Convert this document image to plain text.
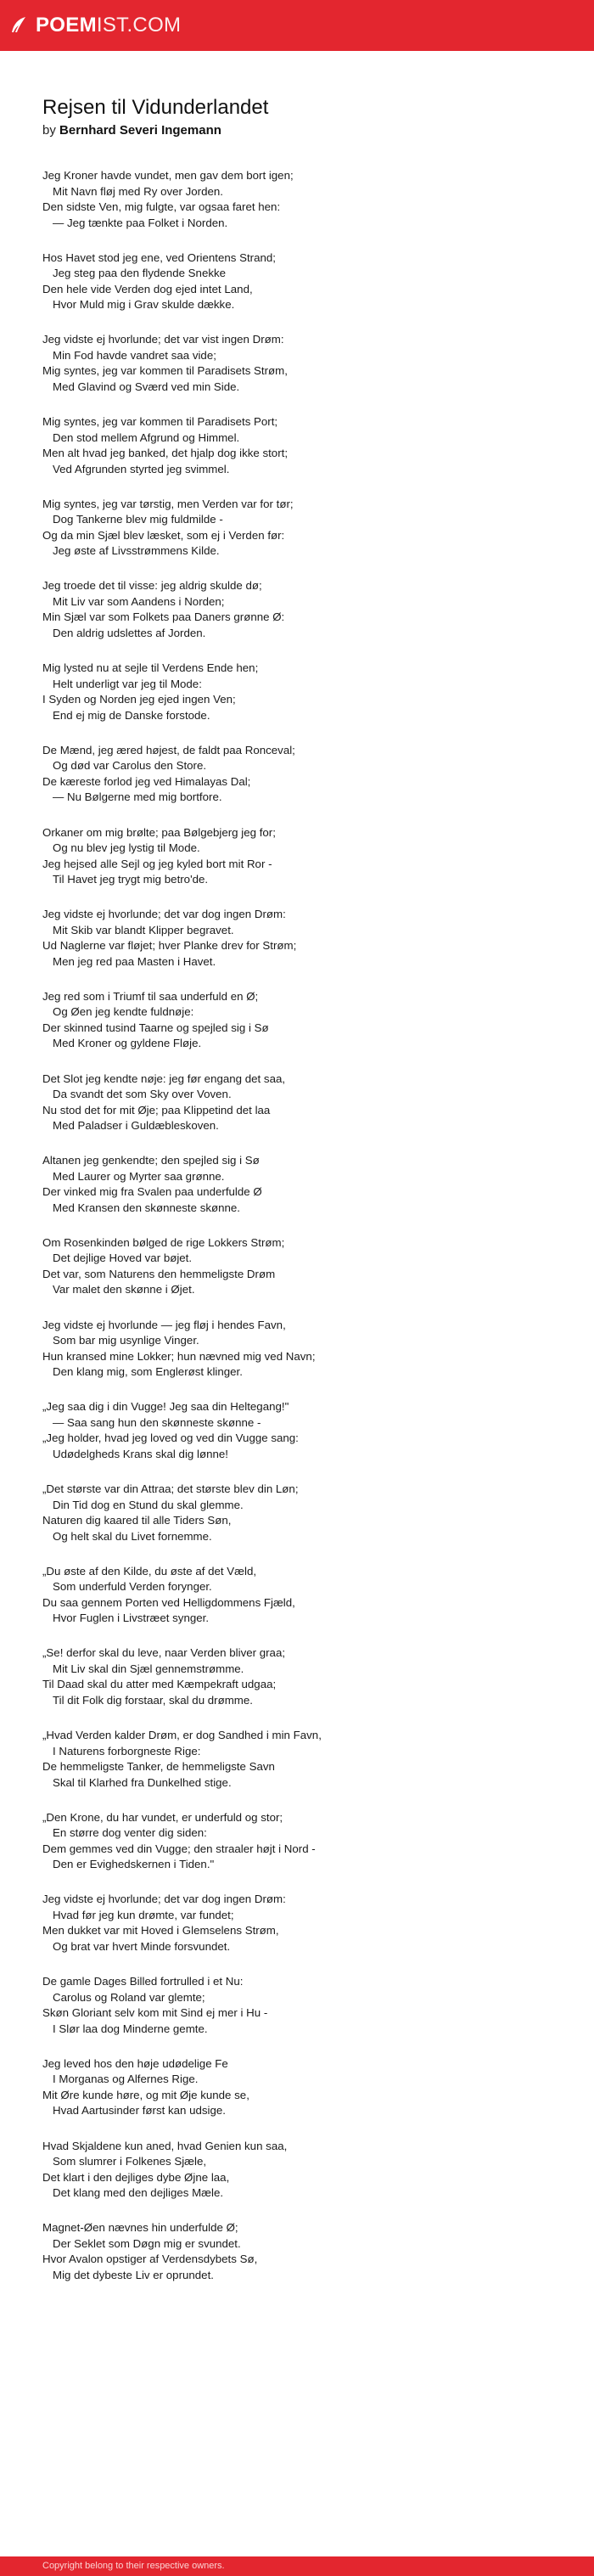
POEMIST.COM
Rejsen til Vidunderlandet
by Bernhard Severi Ingemann
Jeg Kroner havde vundet, men gav dem bort igen;
Mit Navn fløj med Ry over Jorden.
Den sidste Ven, mig fulgte, var ogsaa faret hen:
— Jeg tænkte paa Folket i Norden.
Hos Havet stod jeg ene, ved Orientens Strand;
Jeg steg paa den flydende Snekke
Den hele vide Verden dog ejed intet Land,
Hvor Muld mig i Grav skulde dække.
Jeg vidste ej hvorlunde; det var vist ingen Drøm:
Min Fod havde vandret saa vide;
Mig syntes, jeg var kommen til Paradisets Strøm,
Med Glavind og Sværd ved min Side.
Mig syntes, jeg var kommen til Paradisets Port;
Den stod mellem Afgrund og Himmel.
Men alt hvad jeg banked, det hjalp dog ikke stort;
Ved Afgrunden styrted jeg svimmel.
Mig syntes, jeg var tørstig, men Verden var for tør;
Dog Tankerne blev mig fuldmilde -
Og da min Sjæl blev læsket, som ej i Verden før:
Jeg øste af Livsstrømmens Kilde.
Jeg troede det til visse: jeg aldrig skulde dø;
Mit Liv var som Aandens i Norden;
Min Sjæl var som Folkets paa Daners grønne Ø:
Den aldrig udslettes af Jorden.
Mig lysted nu at sejle til Verdens Ende hen;
Helt underligt var jeg til Mode:
I Syden og Norden jeg ejed ingen Ven;
End ej mig de Danske forstode.
De Mænd, jeg æred højest, de faldt paa Ronceval;
Og død var Carolus den Store.
De kæreste forlod jeg ved Himalayas Dal;
— Nu Bølgerne med mig bortfore.
Orkaner om mig brølte; paa Bølgebjerg jeg for;
Og nu blev jeg lystig til Mode.
Jeg hejsed alle Sejl og jeg kyled bort mit Ror -
Til Havet jeg trygt mig betro'de.
Jeg vidste ej hvorlunde; det var dog ingen Drøm:
Mit Skib var blandt Klipper begravet.
Ud Naglerne var fløjet; hver Planke drev for Strøm;
Men jeg red paa Masten i Havet.
Jeg red som i Triumf til saa underfuld en Ø;
Og Øen jeg kendte fuldnøje:
Der skinned tusind Taarne og spejled sig i Sø
Med Kroner og gyldene Fløje.
Det Slot jeg kendte nøje: jeg før engang det saa,
Da svandt det som Sky over Voven.
Nu stod det for mit Øje; paa Klippetind det laa
Med Paladser i Guldæbleskoven.
Altanen jeg genkendte; den spejled sig i Sø
Med Laurer og Myrter saa grønne.
Der vinked mig fra Svalen paa underfulde Ø
Med Kransen den skønneste skønne.
Om Rosenkinden bølged de rige Lokkers Strøm;
Det dejlige Hoved var bøjet.
Det var, som Naturens den hemmeligste Drøm
Var malet den skønne i Øjet.
Jeg vidste ej hvorlunde — jeg fløj i hendes Favn,
Som bar mig usynlige Vinger.
Hun kransed mine Lokker; hun nævned mig ved Navn;
Den klang mig, som Engl​erøst klinger.
„Jeg saa dig i din Vugge! Jeg saa din Heltegang!"
— Saa sang hun den skønneste skønne -
„Jeg holder, hvad jeg loved og ved din Vugge sang:
Udødelgheds Krans skal dig lønne!
„Det største var din Attraa; det største blev din Løn;
Din Tid dog en Stund du skal glemme.
Naturen dig kaared til alle Tiders Søn,
Og helt skal du Livet fornemme.
„Du øste af den Kilde, du øste af det Væld,
Som underfuld Verden foryng​er.
Du saa gennem Porten ved Helligdommens Fjæld,
Hvor Fuglen i Livstræet synger.
„Se! derfor skal du leve, naar Verden bliver graa;
Mit Liv skal din Sjæl gennemstrømme.
Til Daad skal du atter med Kæmpekraft udgaa;
Til dit Folk dig forstaar, skal du drømme.
„Hvad Verden kalder Drøm, er dog Sandhed i min Favn,
I Naturens forborgneste Rige:
De hemmeligste Tanker, de hemmeligste Savn
Skal til Klarhed fra Dunkelhed stige.
„Den Krone, du har vundet, er underfuld og stor;
En større dog venter dig siden:
Dem gemmes ved din Vugge; den straaler højt i Nord -
Den er Evighedskernen i Tiden."
Jeg vidste ej hvorlunde; det var dog ingen Drøm:
Hvad før jeg kun drømte, var fundet;
Men dukket var mit Hoved i Glemselens Strøm,
Og brat var hvert Minde forsvundet.
De gamle Dages Billed fortrulled i et Nu:
Carolus og Roland var glemte;
Skøn Gloriant selv kom mit Sind ej mer i Hu -
I Slør laa dog Minderne gemte.
Jeg leved hos den høje udødelige Fe
I Morganas og Alfernes Rige.
Mit Øre kunde høre, og mit Øje kunde se,
Hvad Aartusinder først kan udsige.
Hvad Skjaldene kun aned, hvad Genien kun saa,
Som slumrer i Folkenes Sjæle,
Det klart i den dejliges dybe Øjne laa,
Det klang med den dejliges Mæle.
Magnet-Øen nævnes hin underfulde Ø;
Der Seklet som Døgn mig er svundet.
Hvor Avalon opstiger af Verdensdybets Sø,
Mig det dybeste Liv er oprundet.
Copyright belong to their respective owners.
